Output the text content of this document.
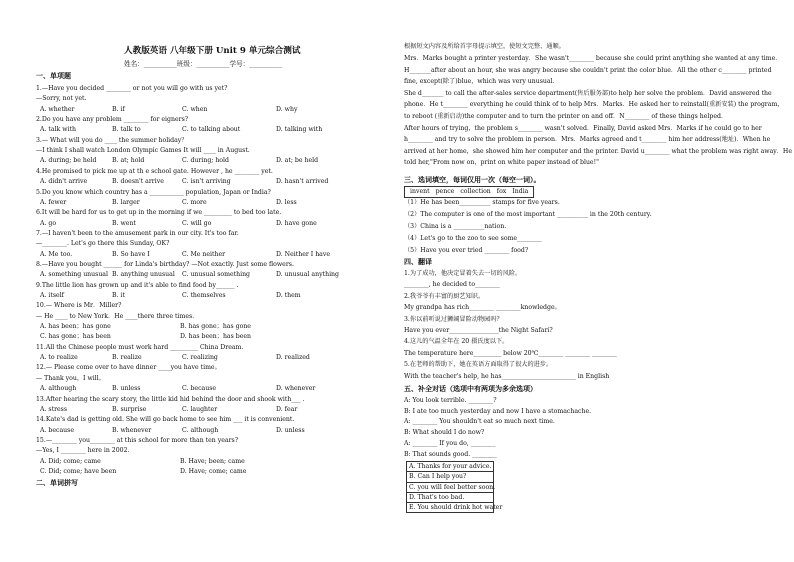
人教版英语 八年级下册 Unit 9 单元综合测试
姓名：__________班级：__________学号：__________
一、单项题
1.—Have you decided ________ or not you will go with us yet?
—Sorry, not yet.
A. whether	B. if	C. when	D. why
2.Do you have any problem ________ for eigners?
A. talk with	B. talk to	C. to talking about	D. talking with
3.— What will you do ____ the summer holiday？
—I think I shall watch London Olympic Games It will ____ in August.
A. during; be held	B. at; hold	C. during; hold	D. at; be held
4.He promised to pick me up at th e school gate. However , he ________ yet.
A. didn't arrive	B. doesn't arrive	C. isn't arriving	D. hasn't arrived
5.Do you know which country has a ___________ population, Japan or India?
A. fewer	B. larger	C. more	D. less
6.It will be hard for us to get up in the morning if we _________ to bed too late.
A. go	B. went	C. will go	D. have gone
7.—I haven't been to the amusement park in our city. It's too far.
—________. Let's go there this Sunday, OK?
A. Me too.	B. So have I	C. Me neither	D. Neither I have
8.—Have you bought ______ for Linda's birthday? —Not exactly. Just some flowers.
A. something unusual B. anything unusual C. unusual something	D. unusual anything
9.The little lion has grown up and it's able to find food by______ .
A. itself	B. it	C. themselves	D. them
10.— Where is Mr．Miller?
— He ____ to New York．He ____there three times．
A. has been；has gone	B. has gone；has gone
C. has gone；has been	D. has been；has been
11.All the Chinese people must work hard _________ China Dream.
A. to realize	B. realize	C. realizing	D. realized
12.— Please come over to have dinner ____you have time。
— Thank you，I will。
A. although	B. unless	C. because	D. whenever
13.After hearing the scary story, the little kid hid behind the door and shook with___ .
A. stress	B. surprise	C. laughter	D. fear
14.Kate's dad is getting old. She will go back home to see him ___ it is convenient.
A. because	B. whenever	C. although	D. unless
15.—________ you________ at this school for more than ten years?
—Yes, I ________ here in 2002.
A. Did; come; came	B. Have; been; came
C. Did; come; have been	D. Have; come; came
二、单词拼写
根据短文内容及所给首字母提示填空，使短文完整、通顺。
Mrs．Marks bought a printer yesterday．She wasn't________ because she could print anything she wanted at any time．
H_______after about an hour, she was angry because she couldn't print the color blue．All the other c________ printed
fine, except(除了)blue，which was very unusual．
She d_______ to call the after-sales service department(售后服务部)to help her solve the problem．David answered the
phone．He t________ everything he could think of to help Mrs．Marks．He asked her to reinstall(重新安装) the program，
to reboot (重新启动)the computer and to turn the printer on and off．N________ of these things helped．
After hours of trying，the problem s________ wasn't solved．Finally, David asked Mrs．Marks if he could go to her
h________ and try to solve the problem in person．Mrs．Marks agreed and t________ him her address(地址)．When he
arrived at her home，she showed him her computer and the printer. David u________ what the problem was right away．He
told her,"From now on，print on white paper instead of blue!"
三、选词填空，每词仅用一次（每空一词）。
invent pence collection fox India
（1）He has been__________ stamps for five years.
（2）The computer is one of the most important __________ in the 20th century.
（3）China is a __________nation.
（4）Let's go to the zoo to see some________
（5）Have you ever tried ________ food?
四、翻译
1.为了成功，他决定冒着失去一切的风险。
________, he decided to________
2.我爷爷有丰富的厨艺知识。
My grandpa has rich________ ________knowledge。
3.你以前听说过狮阔冒险动物园吗？
Have you ever________________the Night Safari?
4.这儿的气温全年在 20 摄氏度以下。
The temperature here_________ below 20℃________ ________ ________
5.在老师的帮助下，她在英语方面取得了很大的进步。
With the teacher's help, he has________________________ in English
五、补全对话（选项中有两项为多余选项）
A: You look terrible. ________?
B: I ate too much yesterday and now I have a stomachache.
A: ________ You shouldn't eat so much next time.
B: What should I do now?
A: ________ If you do, ________
B: That sounds good. ________
A. Thanks for your advice.
B. Can I help you?
C. you will feel better soon.
D. That's too bad.
E. You should drink hot water
